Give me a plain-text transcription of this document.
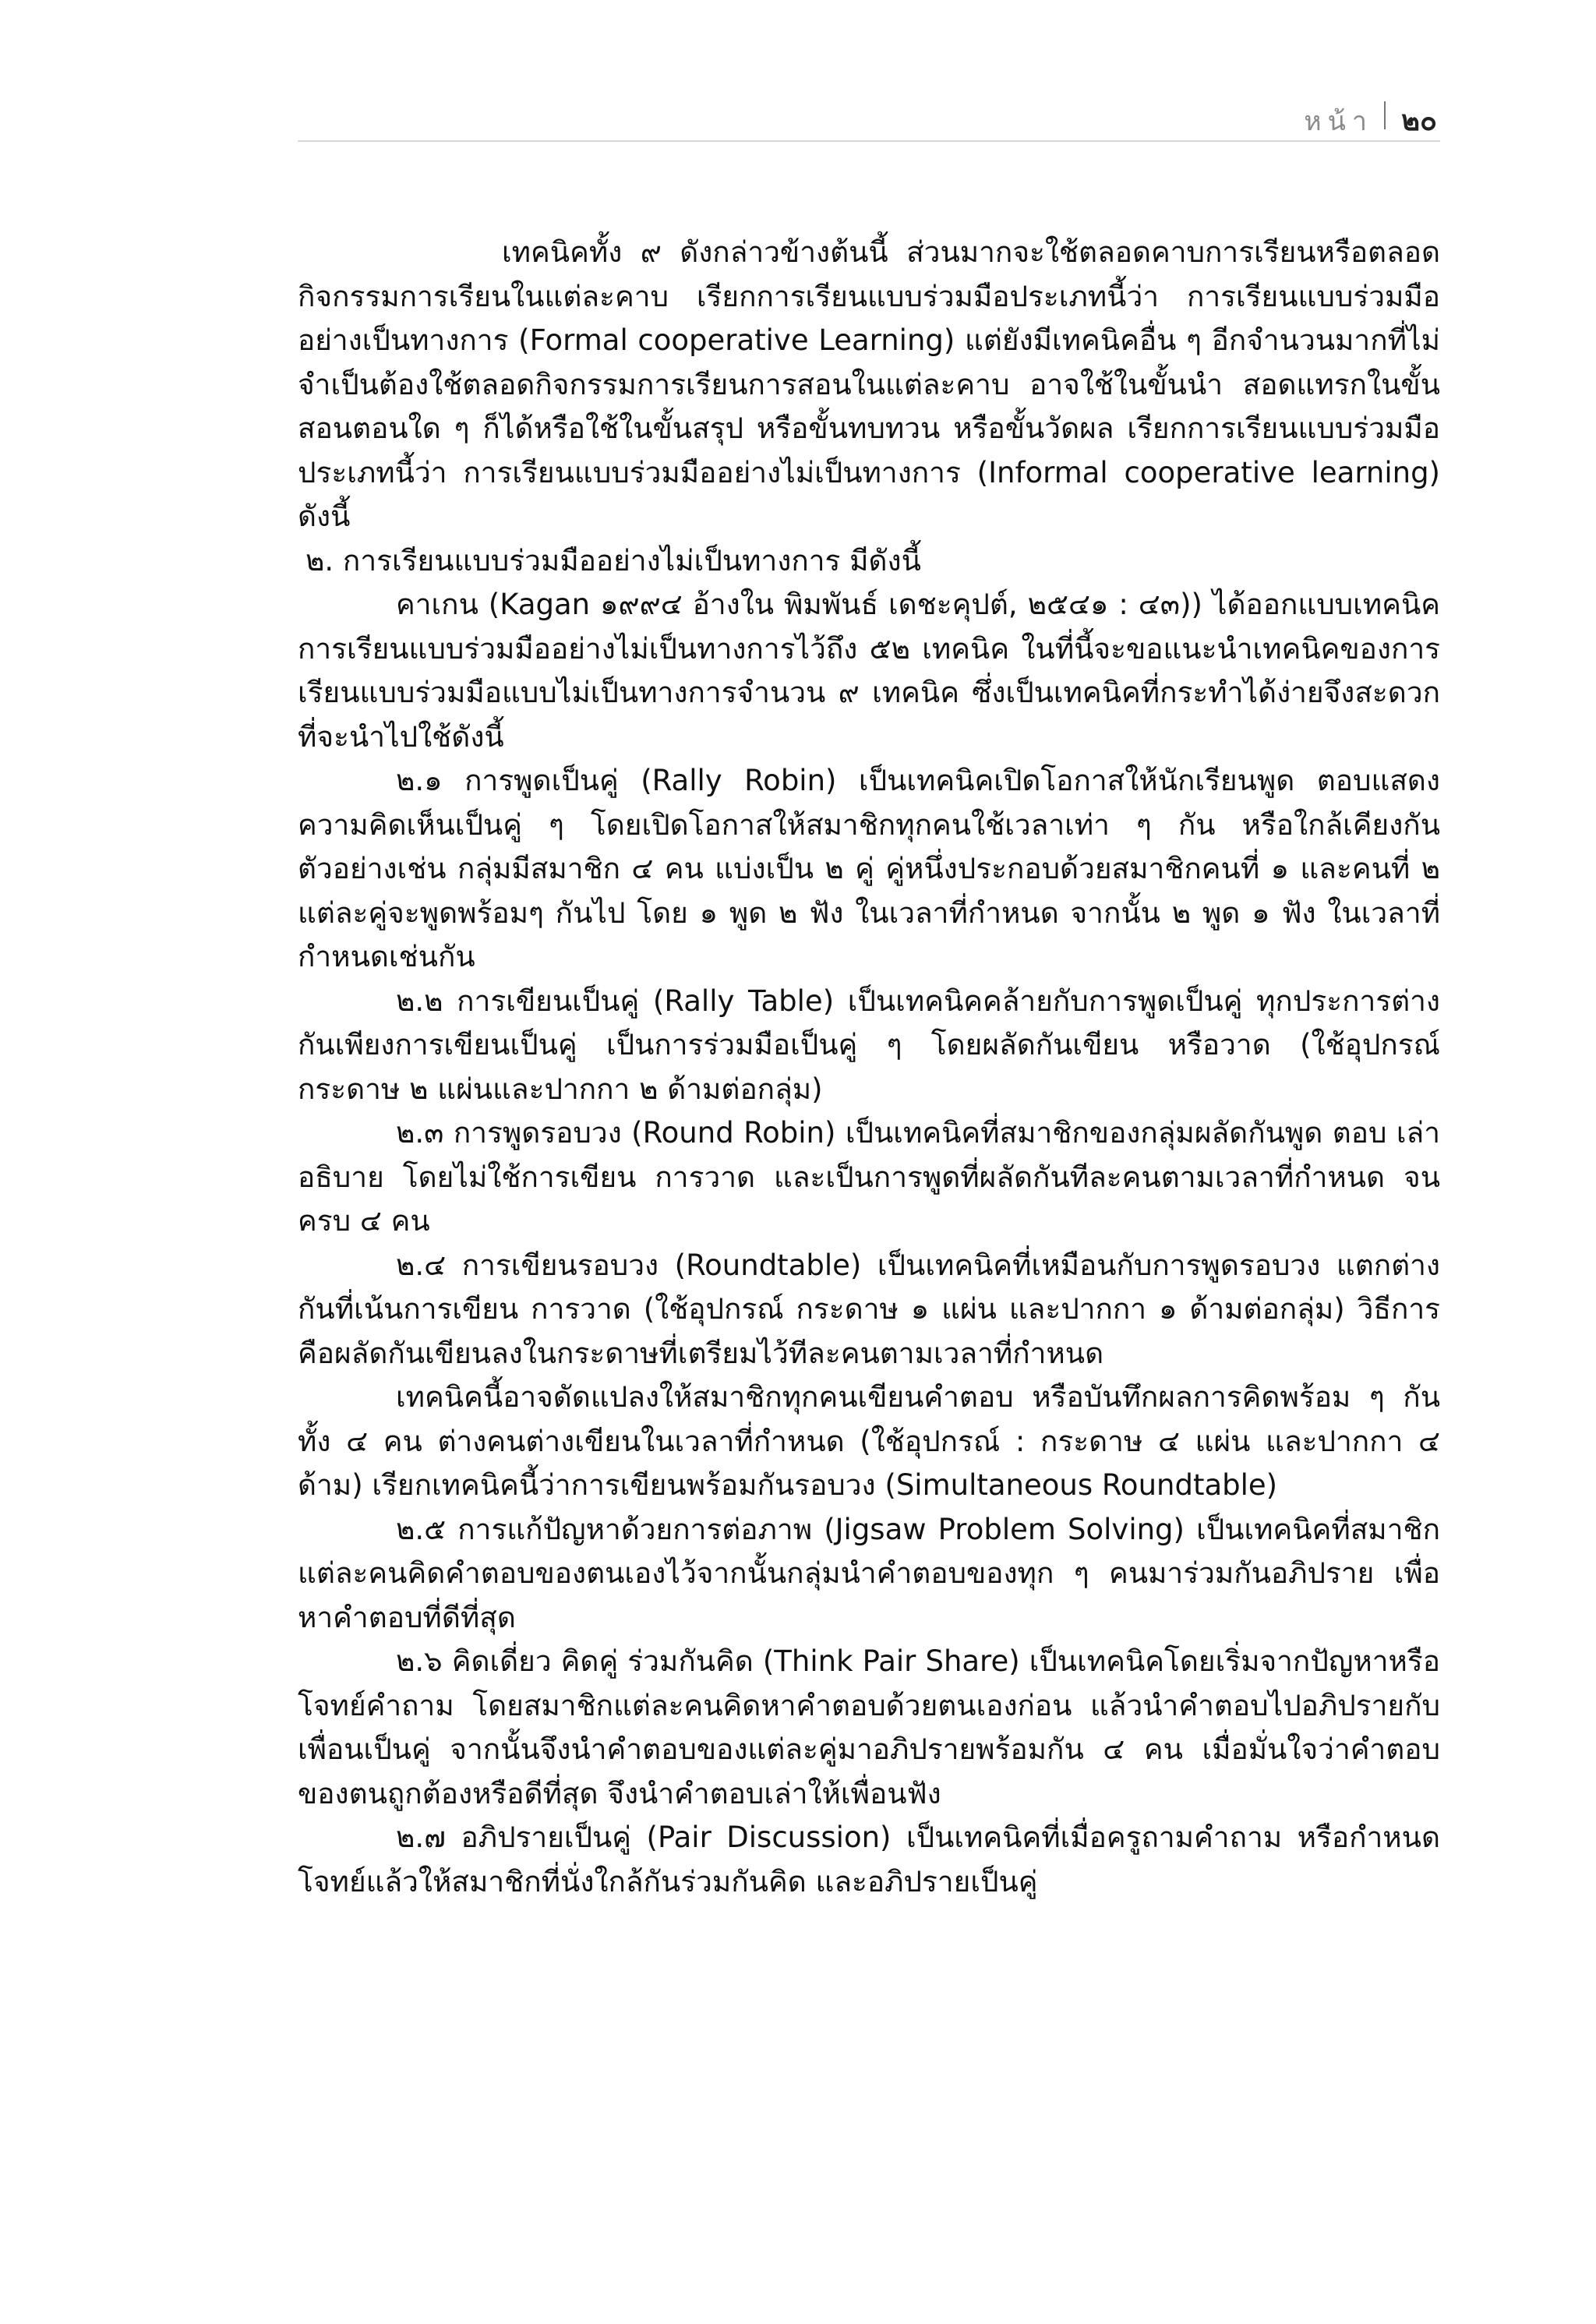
หน้า ๒๐

เทคนิคทั้ง ๙ ดังกล่าวข้างต้นนี้ ส่วนมากจะใช้ตลอดคาบการเรียนหรือตลอดกิจกรรมการเรียนในแต่ละคาบ เรียกการเรียนแบบร่วมมือประเภทนี้ว่า การเรียนแบบร่วมมืออย่างเป็นทางการ (Formal cooperative Learning) แต่ยังมีเทคนิคอื่น ๆ อีกจำนวนมากที่ไม่จำเป็นต้องใช้ตลอดกิจกรรมการเรียนการสอนในแต่ละคาบ อาจใช้ในขั้นนำ สอดแทรกในขั้นสอนตอนใด ๆ ก็ได้หรือใช้ในขั้นสรุป หรือขั้นทบทวน หรือขั้นวัดผล เรียกการเรียนแบบร่วมมือประเภทนี้ว่า การเรียนแบบร่วมมืออย่างไม่เป็นทางการ (Informal cooperative learning) ดังนี้

๒. การเรียนแบบร่วมมืออย่างไม่เป็นทางการ มีดังนี้

คาเกน (Kagan ๑๙๙๔ อ้างใน พิมพันธ์ เดชะคุปต์, ๒๕๔๑ : ๔๓)) ได้ออกแบบเทคนิคการเรียนแบบร่วมมืออย่างไม่เป็นทางการไว้ถึง ๕๒ เทคนิค ในที่นี้จะขอแนะนำเทคนิคของการเรียนแบบร่วมมือแบบไม่เป็นทางการจำนวน ๙ เทคนิค ซึ่งเป็นเทคนิคที่กระทำได้ง่ายจึงสะดวกที่จะนำไปใช้ดังนี้

๒.๑ การพูดเป็นคู่ (Rally Robin) เป็นเทคนิคเปิดโอกาสให้นักเรียนพูด ตอบแสดงความคิดเห็นเป็นคู่ ๆ โดยเปิดโอกาสให้สมาชิกทุกคนใช้เวลาเท่า ๆ กัน หรือใกล้เคียงกัน ตัวอย่างเช่น กลุ่มมีสมาชิก ๔ คน แบ่งเป็น ๒ คู่ คู่หนึ่งประกอบด้วยสมาชิกคนที่ ๑ และคนที่ ๒ แต่ละคู่จะพูดพร้อมๆ กันไป โดย ๑ พูด ๒ ฟัง ในเวลาที่กำหนด จากนั้น ๒ พูด ๑ ฟัง ในเวลาที่กำหนดเช่นกัน

๒.๒ การเขียนเป็นคู่ (Rally Table) เป็นเทคนิคคล้ายกับการพูดเป็นคู่ ทุกประการต่างกันเพียงการเขียนเป็นคู่ เป็นการร่วมมือเป็นคู่ ๆ โดยผลัดกันเขียน หรือวาด (ใช้อุปกรณ์ กระดาษ ๒ แผ่นและปากกา ๒ ด้ามต่อกลุ่ม)

๒.๓ การพูดรอบวง (Round Robin) เป็นเทคนิคที่สมาชิกของกลุ่มผลัดกันพูด ตอบ เล่าอธิบาย โดยไม่ใช้การเขียน การวาด และเป็นการพูดที่ผลัดกันทีละคนตามเวลาที่กำหนด จนครบ ๔ คน

๒.๔ การเขียนรอบวง (Roundtable) เป็นเทคนิคที่เหมือนกับการพูดรอบวง แตกต่างกันที่เน้นการเขียน การวาด (ใช้อุปกรณ์ กระดาษ ๑ แผ่น และปากกา ๑ ด้ามต่อกลุ่ม) วิธีการคือผลัดกันเขียนลงในกระดาษที่เตรียมไว้ทีละคนตามเวลาที่กำหนด

เทคนิคนี้อาจดัดแปลงให้สมาชิกทุกคนเขียนคำตอบ หรือบันทึกผลการคิดพร้อม ๆ กันทั้ง ๔ คน ต่างคนต่างเขียนในเวลาที่กำหนด (ใช้อุปกรณ์ : กระดาษ ๔ แผ่น และปากกา ๔ ด้าม) เรียกเทคนิคนี้ว่าการเขียนพร้อมกันรอบวง (Simultaneous Roundtable)

๒.๕ การแก้ปัญหาด้วยการต่อภาพ (Jigsaw Problem Solving) เป็นเทคนิคที่สมาชิกแต่ละคนคิดคำตอบของตนเองไว้จากนั้นกลุ่มนำคำตอบของทุก ๆ คนมาร่วมกันอภิปราย เพื่อหาคำตอบที่ดีที่สุด

๒.๖ คิดเดี่ยว คิดคู่ ร่วมกันคิด (Think Pair Share) เป็นเทคนิคโดยเริ่มจากปัญหาหรือโจทย์คำถาม โดยสมาชิกแต่ละคนคิดหาคำตอบด้วยตนเองก่อน แล้วนำคำตอบไปอภิปรายกับเพื่อนเป็นคู่ จากนั้นจึงนำคำตอบของแต่ละคู่มาอภิปรายพร้อมกัน ๔ คน เมื่อมั่นใจว่าคำตอบของตนถูกต้องหรือดีที่สุด จึงนำคำตอบเล่าให้เพื่อนฟัง

๒.๗ อภิปรายเป็นคู่ (Pair Discussion) เป็นเทคนิคที่เมื่อครูถามคำถาม หรือกำหนดโจทย์แล้วให้สมาชิกที่นั่งใกล้กันร่วมกันคิด และอภิปรายเป็นคู่
